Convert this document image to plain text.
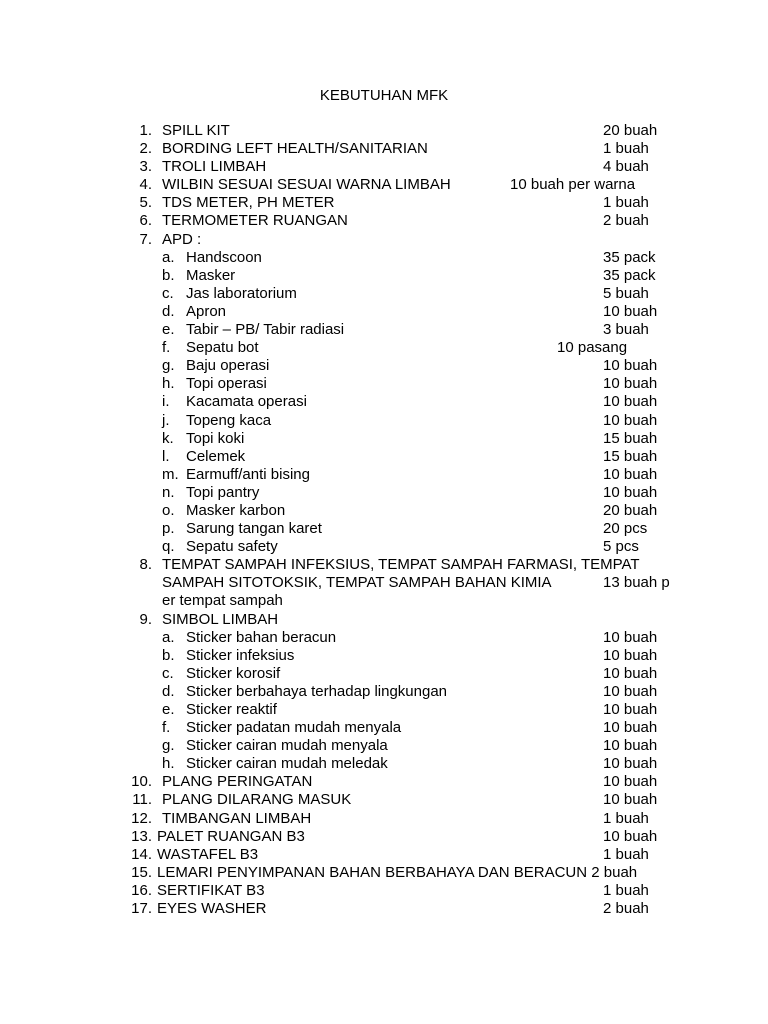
KEBUTUHAN MFK
1. SPILL KIT	20 buah
2. BORDING LEFT HEALTH/SANITARIAN	1 buah
3. TROLI LIMBAH	4 buah
4. WILBIN SESUAI SESUAI WARNA LIMBAH	10 buah per warna
5. TDS METER, PH METER	1 buah
6. TERMOMETER RUANGAN	2 buah
7. APD :
a. Handscoon	35 pack
b. Masker	35 pack
c. Jas laboratorium	5 buah
d. Apron	10 buah
e. Tabir – PB/ Tabir radiasi	3 buah
f. Sepatu bot	10 pasang
g. Baju operasi	10 buah
h. Topi operasi	10 buah
i. Kacamata operasi	10 buah
j. Topeng kaca	10 buah
k. Topi koki	15 buah
l. Celemek	15 buah
m. Earmuff/anti bising	10 buah
n. Topi pantry	10 buah
o. Masker karbon	20 buah
p. Sarung tangan karet	20 pcs
q. Sepatu safety	5 pcs
8. TEMPAT SAMPAH INFEKSIUS, TEMPAT SAMPAH FARMASI, TEMPAT
SAMPAH SITOTOKSIK, TEMPAT SAMPAH BAHAN KIMIA	13 buah p
er tempat sampah
9. SIMBOL LIMBAH
a. Sticker bahan beracun	10 buah
b. Sticker infeksius	10 buah
c. Sticker korosif	10 buah
d. Sticker berbahaya terhadap lingkungan	10 buah
e. Sticker reaktif	10 buah
f. Sticker padatan mudah menyala	10 buah
g. Sticker cairan mudah menyala	10 buah
h. Sticker cairan mudah meledak	10 buah
10. PLANG PERINGATAN	10 buah
11. PLANG DILARANG MASUK	10 buah
12. TIMBANGAN LIMBAH	1 buah
13. PALET RUANGAN B3	10 buah
14. WASTAFEL B3	1 buah
15. LEMARI PENYIMPANAN BAHAN BERBAHAYA DAN BERACUN 2 buah
16. SERTIFIKAT B3	1 buah
17. EYES WASHER	2 buah
